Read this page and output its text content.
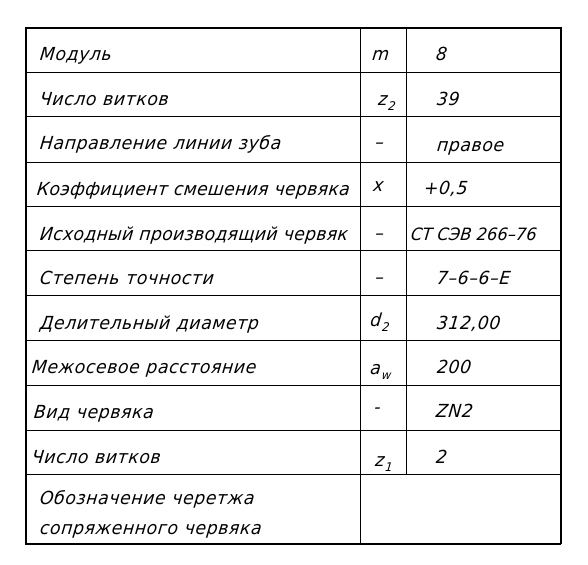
Модуль	m 8
Число витков	$z_2$ 39
Направление линии зуба	–	правое
Коэффициент смешения червяка x +0,5
Исходный производящий червяк – СТ СЭВ 266–76
Степень точности	–	7–6–6–Е
Делительный диаметр	$d_2$	312,00
Межосевое расстояние	$a_w$ 200
Вид червяка	-	ZN2
Число витков	$z_1$ 2
Обозначение черетжа
сопряженного червяка
